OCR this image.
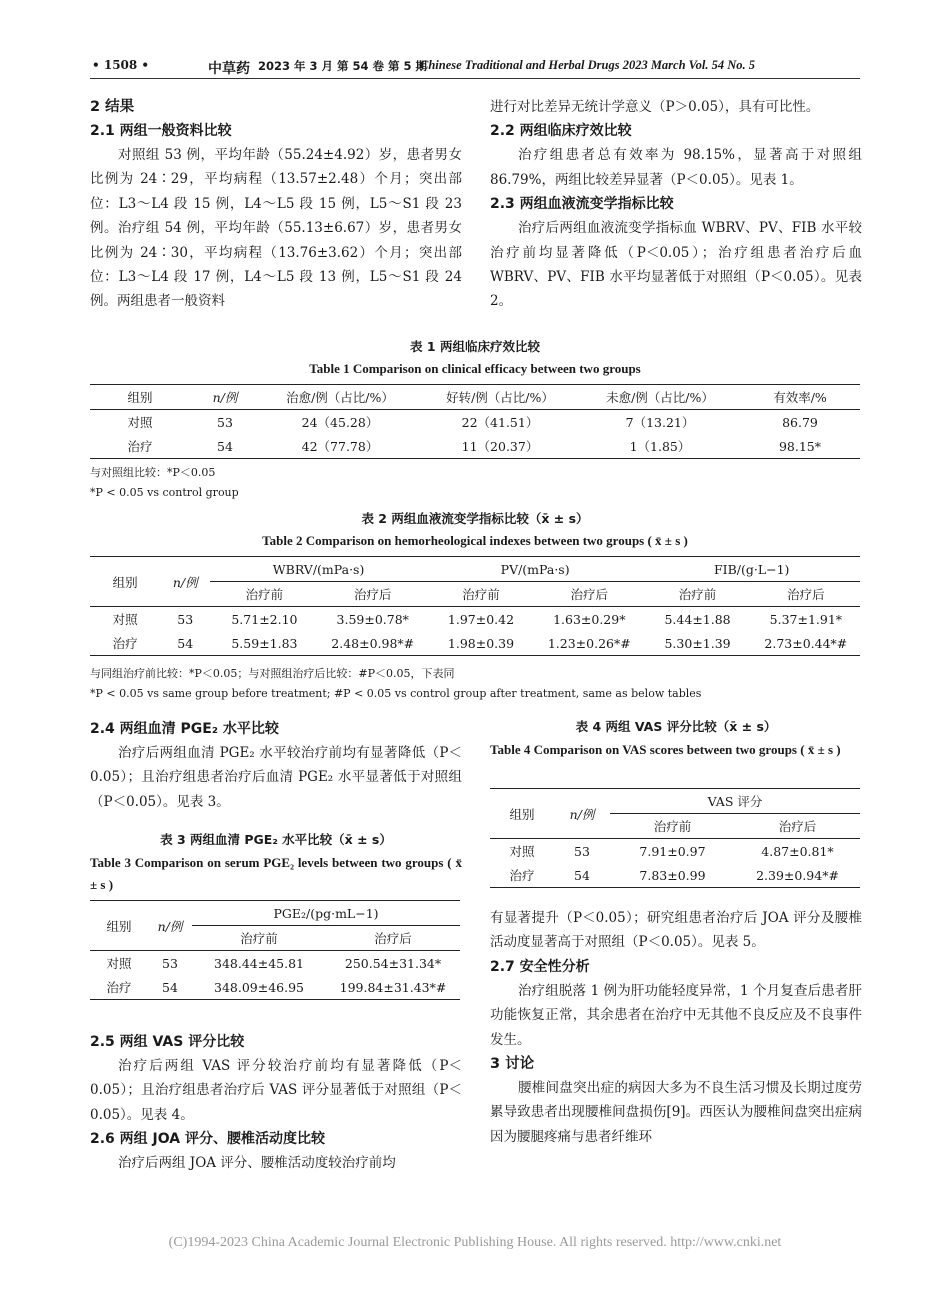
• 1508 •	中草药 2023 年 3 月 第 54 卷 第 5 期
Chinese Traditional and Herbal Drugs 2023 March Vol. 54 No. 5
2 结果
2.1 两组一般资料比较

对照组 53 例，平均年龄（55.24±4.92）岁，患者男女比例为 24∶29，平均病程（13.57±2.48）个月；突出部位：L3～L4 段 15 例，L4～L5 段 15 例，L5～S1 段 23 例。治疗组 54 例，平均年龄（55.13±6.67）岁，患者男女比例为 24∶30，平均病程（13.76±3.62）个月；突出部位：L3～L4 段 17 例，L4～L5 段 13 例，L5～S1 段 24 例。两组患者一般资料

进行对比差异无统计学意义（P＞0.05），具有可比性。

2.2 两组临床疗效比较

治疗组患者总有效率为 98.15%，显著高于对照组 86.79%，两组比较差异显著（P＜0.05）。见表 1。

2.3 两组血液流变学指标比较

治疗后两组血液流变学指标血 WBRV、PV、FIB 水平较治疗前均显著降低（P＜0.05）；治疗组患者治疗后血 WBRV、PV、FIB 水平均显著低于对照组（P＜0.05）。见表 2。

表 1 两组临床疗效比较
Table 1 Comparison on clinical efficacy between two groups
组别	n/例	治愈/例（占比/%）	好转/例（占比/%）	未愈/例（占比/%）	有效率/%
对照	53	24（45.28）	22（41.51）	7（13.21）	86.79
治疗	54	42（77.78）	11（20.37）	1（1.85）	98.15*
与对照组比较：*P＜0.05
*P < 0.05 vs control group
表 2 两组血液流变学指标比较（x̄ ± s）
Table 2 Comparison on hemorheological indexes between two groups ( x̄ ± s )
组别	n/例	WBRV/(mPa·s)		PV/(mPa·s)		FIB/(g·L−1)	
		治疗前	治疗后	治疗前	治疗后	治疗前	治疗后
对照	53	5.71±2.10	3.59±0.78*	1.97±0.42	1.63±0.29*	5.44±1.88	5.37±1.91*
治疗	54	5.59±1.83	2.48±0.98*#	1.98±0.39	1.23±0.26*#	5.30±1.39	2.73±0.44*#
与同组治疗前比较：*P＜0.05；与对照组治疗后比较：#P＜0.05，下表同
*P < 0.05 vs same group before treatment; #P < 0.05 vs control group after treatment, same as below tables
2.4 两组血清 PGE₂ 水平比较

治疗后两组血清 PGE₂ 水平较治疗前均有显著降低（P＜0.05）；且治疗组患者治疗后血清 PGE₂ 水平显著低于对照组（P＜0.05）。见表 3。

表 3 两组血清 PGE₂ 水平比较（x̄ ± s）
Table 3 Comparison on serum PGE₂ levels between two groups ( x̄ ± s )
组别	n/例	PGE₂/(pg·mL−1)	
		治疗前	治疗后
对照	53	348.44±45.81	250.54±31.34*
治疗	54	348.09±46.95	199.84±31.43*#
2.5 两组 VAS 评分比较

治疗后两组 VAS 评分较治疗前均有显著降低（P＜0.05）；且治疗组患者治疗后 VAS 评分显著低于对照组（P＜0.05）。见表 4。

2.6 两组 JOA 评分、腰椎活动度比较

治疗后两组 JOA 评分、腰椎活动度较治疗前均

表 4 两组 VAS 评分比较（x̄ ± s）
Table 4 Comparison on VAS scores between two groups ( x̄ ± s )
组别	n/例	VAS 评分	
		治疗前	治疗后
对照	53	7.91±0.97	4.87±0.81*
治疗	54	7.83±0.99	2.39±0.94*#

有显著提升（P＜0.05）；研究组患者治疗后 JOA 评分及腰椎活动度显著高于对照组（P＜0.05）。见表 5。

2.7 安全性分析

治疗组脱落 1 例为肝功能轻度异常，1 个月复查后患者肝功能恢复正常，其余患者在治疗中无其他不良反应及不良事件发生。

3 讨论

腰椎间盘突出症的病因大多为不良生活习惯及长期过度劳累导致患者出现腰椎间盘损伤[9]。西医认为腰椎间盘突出症病因为腰腿疼痛与患者纤维环

(C)1994-2023 China Academic Journal Electronic Publishing House. All rights reserved. http://www.cnki.net
